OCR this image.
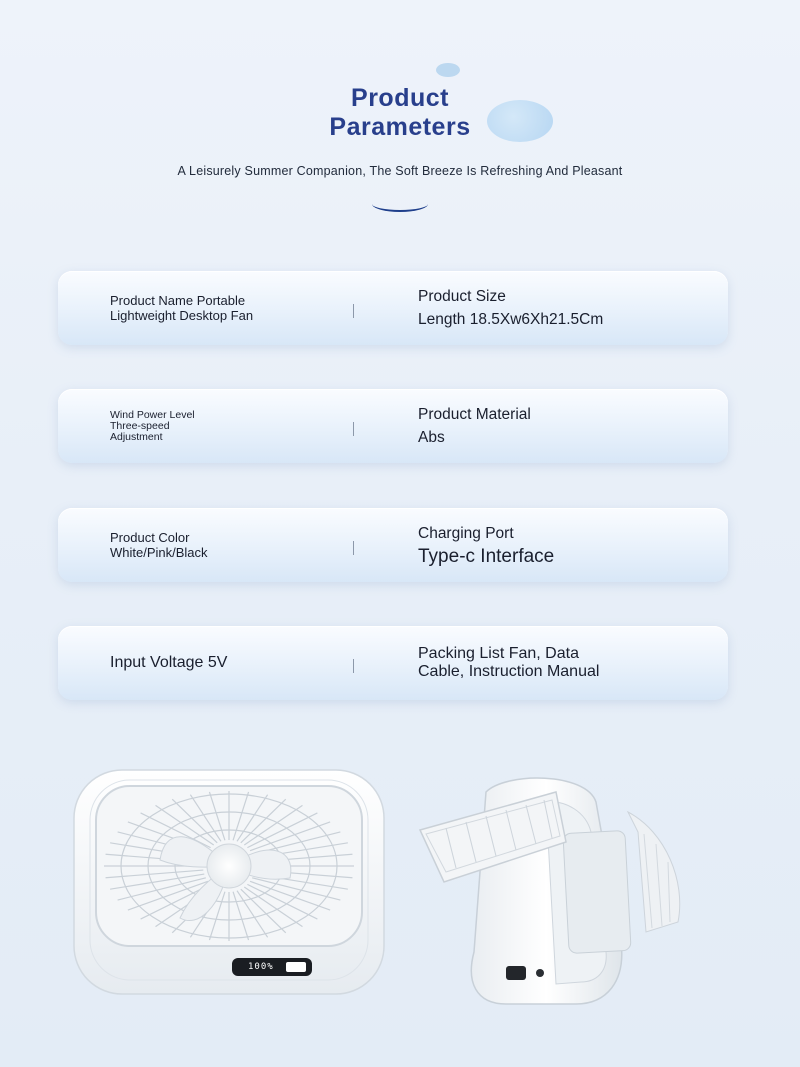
Product
Parameters
A Leisurely Summer Companion, The Soft Breeze Is Refreshing And Pleasant
Product Name Portable
Lightweight Desktop Fan
Product Size
Length 18.5Xw6Xh21.5Cm
Wind Power Level
Three-speed
Adjustment
Product Material
Abs
Product Color
White/Pink/Black
Charging Port
Type-c Interface
Input Voltage 5V
Packing List Fan, Data
Cable, Instruction Manual
100%
